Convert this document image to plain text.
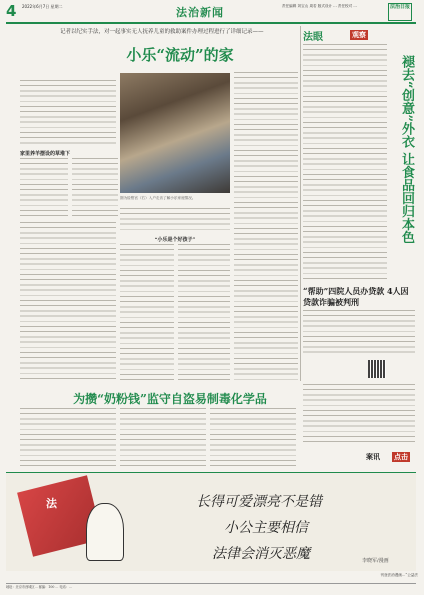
4 2022年6月7日 星期二	法治新闻	责任编辑 刘宝山 周若 版式设计 ... 责任校对 ...	法治日报
记者以纪实手法，对一起事实无人抚养儿童的救助案件办理过程进行了详细记录——
小乐“流动”的家
家里养羊摆设的草堆下
图为检察官（右）入户走访了解小乐家庭情况。
“小乐是个好孩子”
法眼	观察
褪去“创意”外衣 让食品回归本色
“帮助”四院人员办贷款 4人因贷款诈骗被判刑
为攒“奶粉钱”监守自盗易制毒化学品
案讯 点击
法	长得可爱漂亮不是错
小公主要相信
法律会消灭恶魔	李晓军/漫画
刊登法治漫画...“公益法
地址：北京市西城区... 邮编：100 ... 电话：...
